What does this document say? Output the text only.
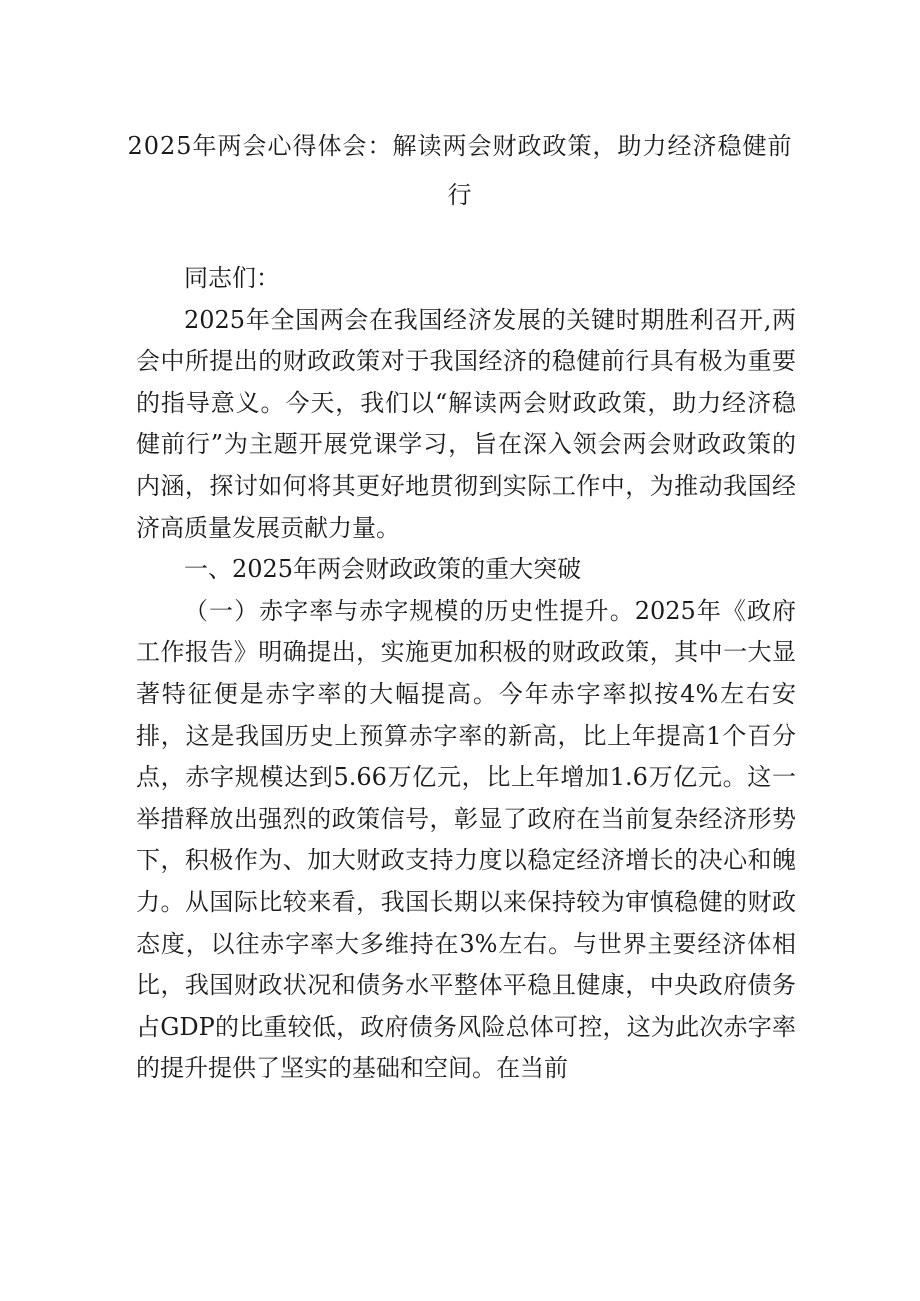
2025年两会心得体会：解读两会财政政策，助力经济稳健前
行

同志们：

2025年全国两会在我国经济发展的关键时期胜利召开,两会中所提出的财政政策对于我国经济的稳健前行具有极为重要的指导意义。今天，我们以“解读两会财政政策，助力经济稳健前行”为主题开展党课学习，旨在深入领会两会财政政策的内涵，探讨如何将其更好地贯彻到实际工作中，为推动我国经济高质量发展贡献力量。

一、2025年两会财政政策的重大突破

（一）赤字率与赤字规模的历史性提升。2025年《政府工作报告》明确提出，实施更加积极的财政政策，其中一大显著特征便是赤字率的大幅提高。今年赤字率拟按4%左右安排，这是我国历史上预算赤字率的新高，比上年提高1个百分点，赤字规模达到5.66万亿元，比上年增加1.6万亿元。这一举措释放出强烈的政策信号，彰显了政府在当前复杂经济形势下，积极作为、加大财政支持力度以稳定经济增长的决心和魄力。从国际比较来看，我国长期以来保持较为审慎稳健的财政态度，以往赤字率大多维持在3%左右。与世界主要经济体相比，我国财政状况和债务水平整体平稳且健康，中央政府债务占GDP的比重较低，政府债务风险总体可控，这为此次赤字率的提升提供了坚实的基础和空间。在当前
